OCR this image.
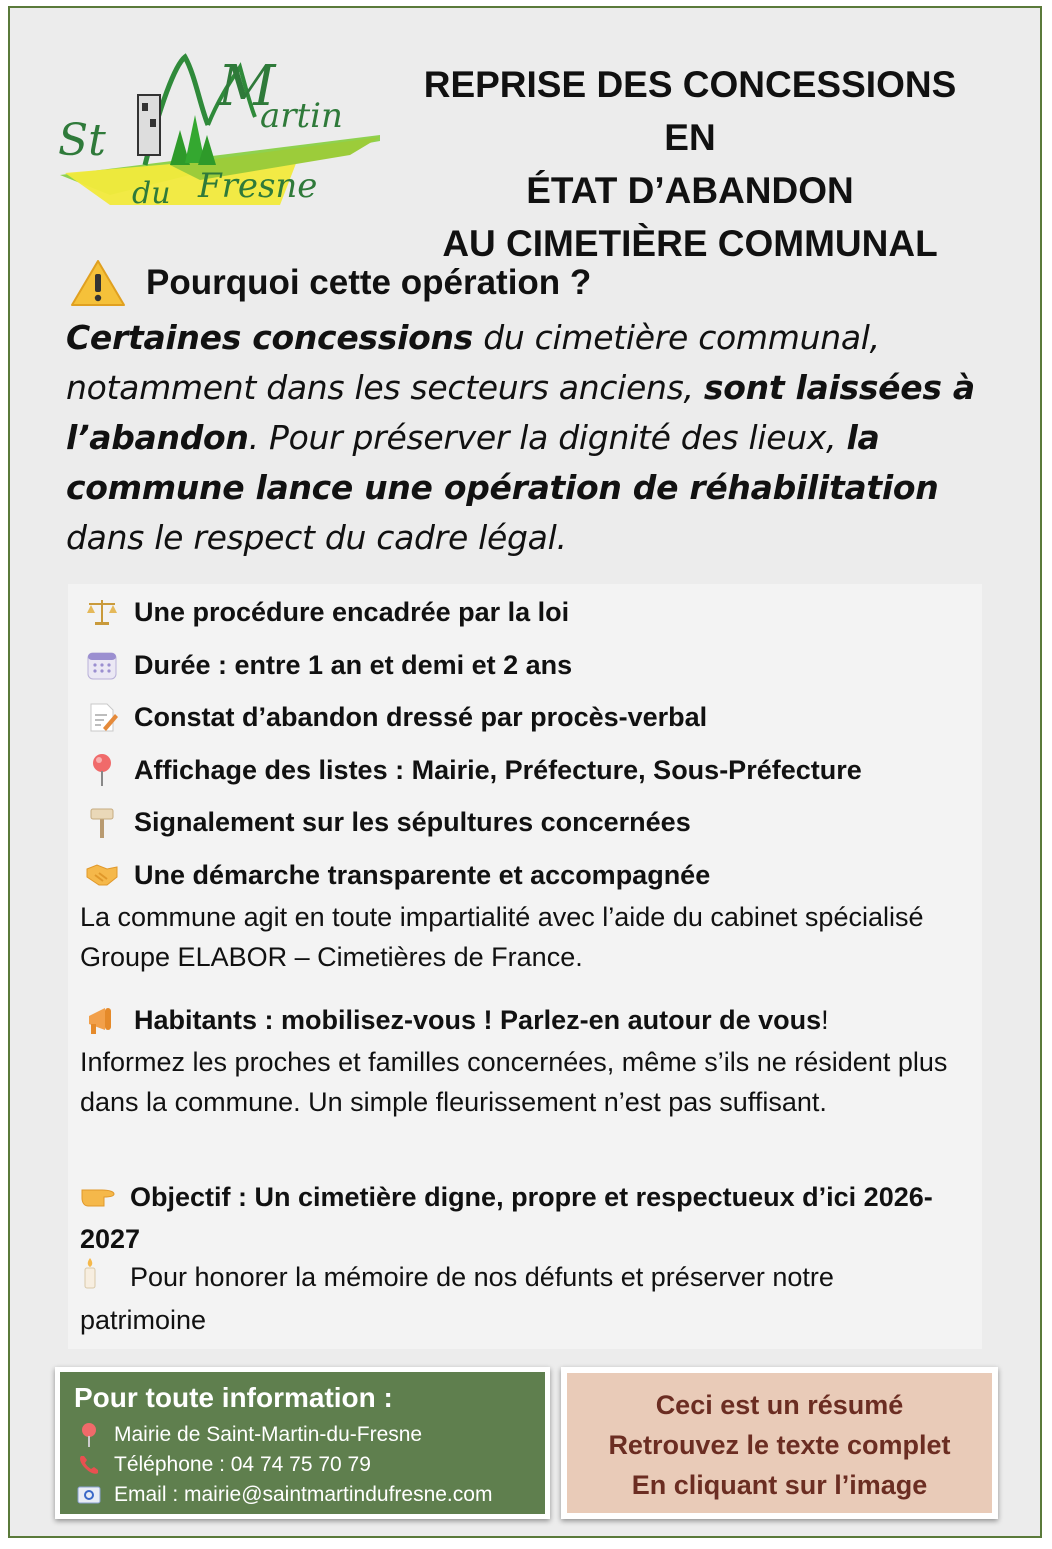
St
M
artin
du Fresne
REPRISE DES CONCESSIONS EN
ÉTAT D’ABANDON
AU CIMETIÈRE COMMUNAL
Pourquoi cette opération ?
Certaines concessions du cimetière communal, notamment dans les secteurs anciens, sont laissées à l’abandon. Pour préserver la dignité des lieux, la commune lance une opération de réhabilitation dans le respect du cadre légal.
Une procédure encadrée par la loi
Durée : entre 1 an et demi et 2 ans
Constat d’abandon dressé par procès-verbal
Affichage des listes : Mairie, Préfecture, Sous-Préfecture
Signalement sur les sépultures concernées
Une démarche transparente et accompagnée
La commune agit en toute impartialité avec l’aide du cabinet spécialisé Groupe ELABOR – Cimetières de France.
Habitants : mobilisez-vous ! Parlez-en autour de vous !
Informez les proches et familles concernées, même s’ils ne résident plus dans la commune. Un simple fleurissement n’est pas suffisant.
Objectif : Un cimetière digne, propre et respectueux d’ici 2026-2027
Pour honorer la mémoire de nos défunts et préserver notre patrimoine
Pour toute information :
Mairie de Saint-Martin-du-Fresne
Téléphone : 04 74 75 70 79
Email : mairie@saintmartindufresne.com
Ceci est un résumé
Retrouvez le texte complet
En cliquant sur l’image
